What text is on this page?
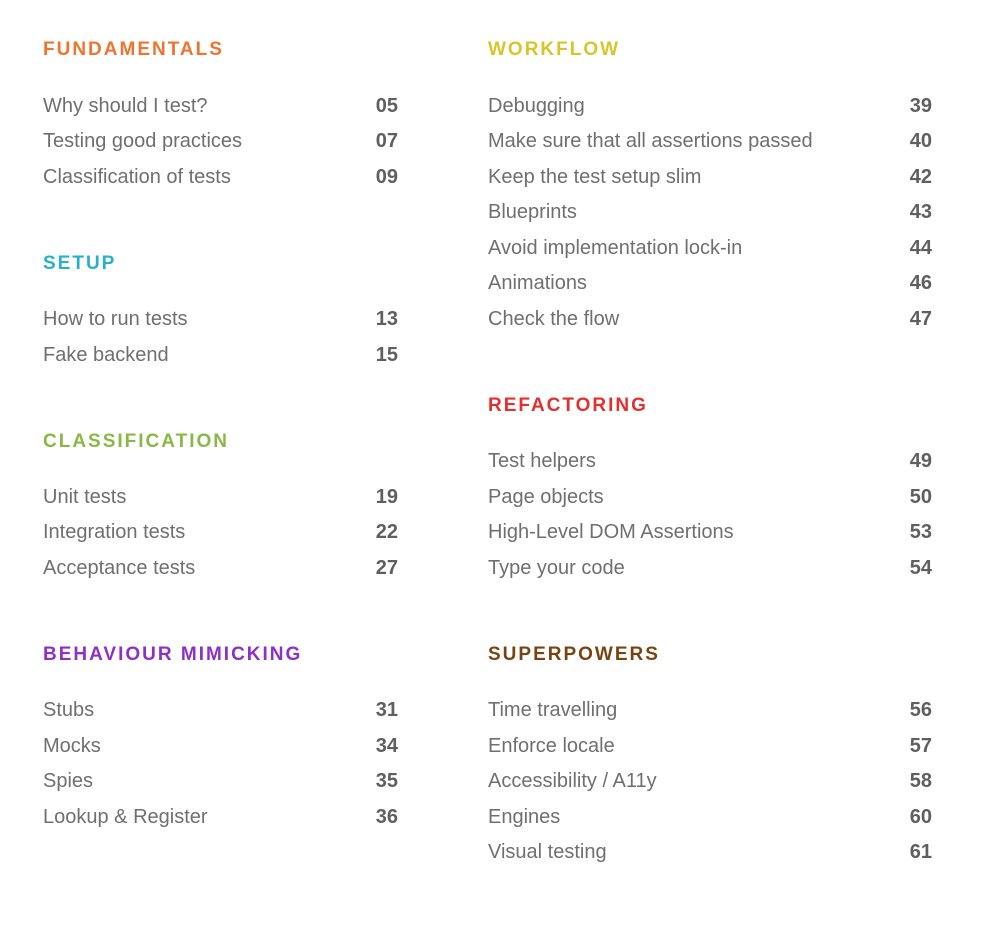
FUNDAMENTALS
Why should I test?	05
Testing good practices	07
Classification of tests	09
SETUP
How to run tests	13
Fake backend	15
CLASSIFICATION
Unit tests	19
Integration tests	22
Acceptance tests	27
BEHAVIOUR MIMICKING
Stubs	31
Mocks	34
Spies	35
Lookup & Register	36
WORKFLOW
Debugging	39
Make sure that all assertions passed	40
Keep the test setup slim	42
Blueprints	43
Avoid implementation lock-in	44
Animations	46
Check the flow	47
REFACTORING
Test helpers	49
Page objects	50
High-Level DOM Assertions	53
Type your code	54
SUPERPOWERS
Time travelling	56
Enforce locale	57
Accessibility / A11y	58
Engines	60
Visual testing	61
